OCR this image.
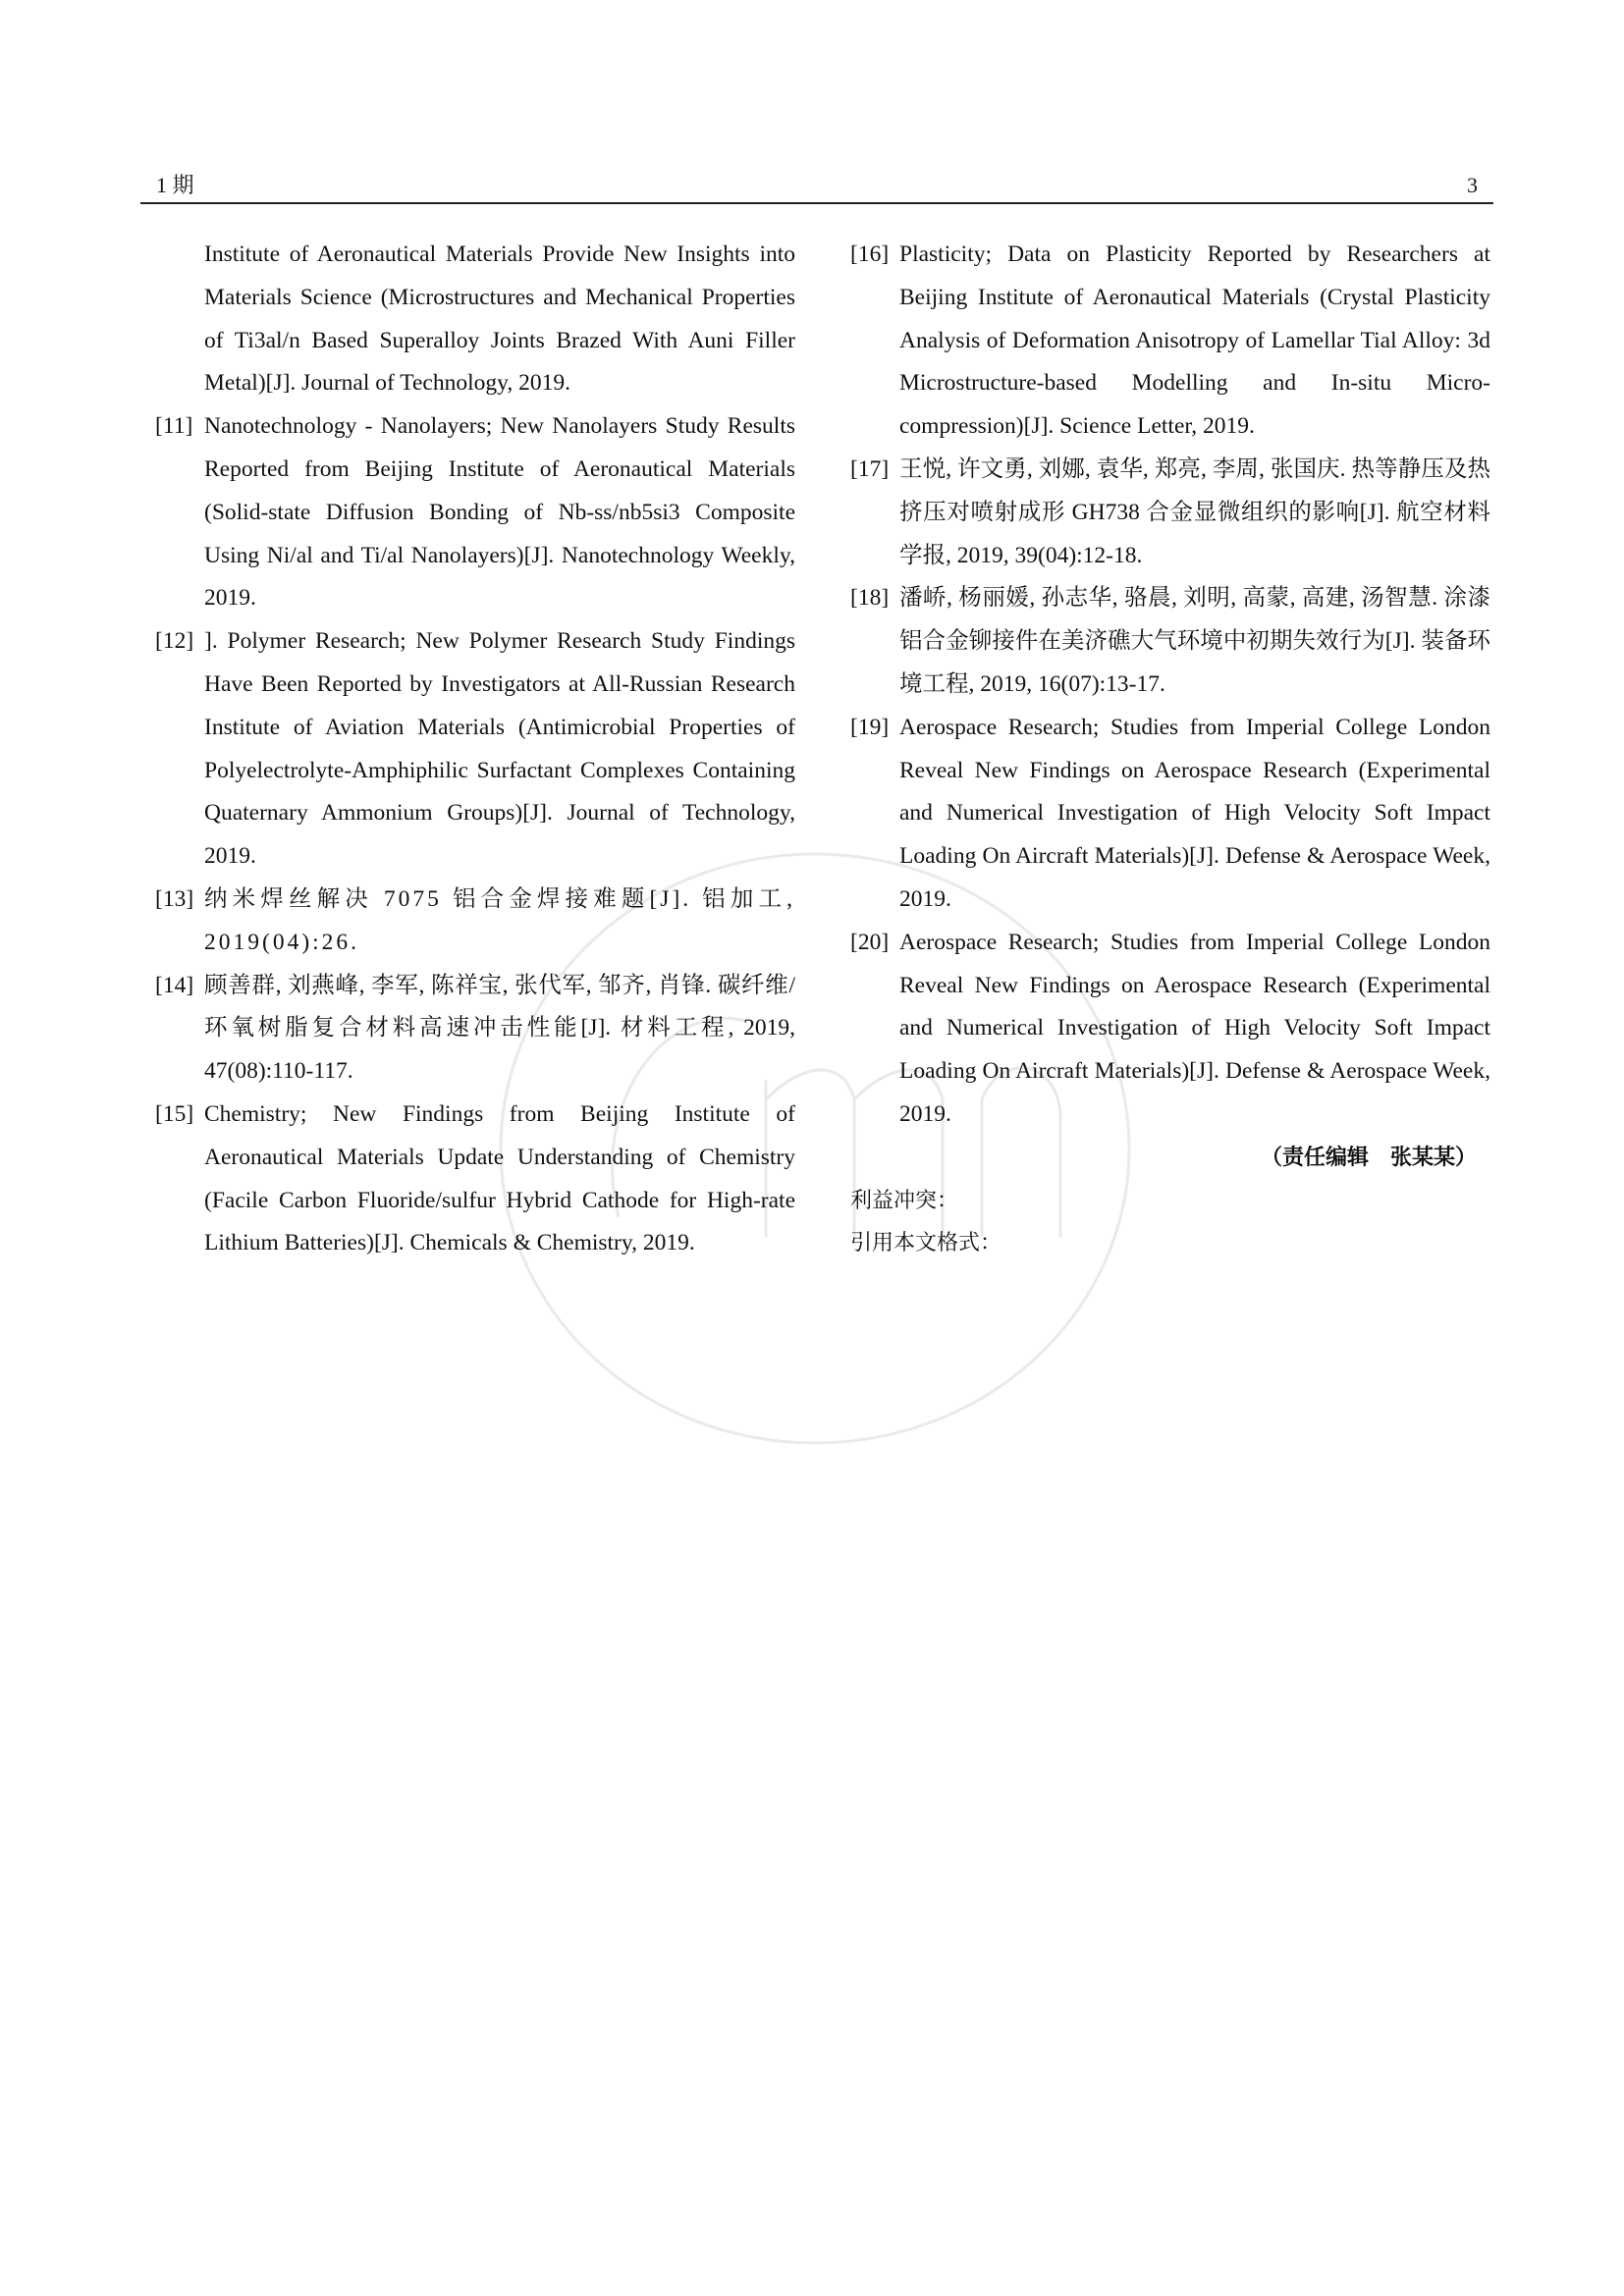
1 期	3

Institute of Aeronautical Materials Provide New Insights into Materials Science (Microstructures and Mechanical Properties of Ti3al/n Based Superalloy Joints Brazed With Auni Filler Metal)[J]. Journal of Technology, 2019.

[11] Nanotechnology - Nanolayers; New Nanolayers Study Results Reported from Beijing Institute of Aeronautical Materials (Solid-state Diffusion Bonding of Nb-ss/nb5si3 Composite Using Ni/al and Ti/al Nanolayers)[J]. Nanotechnology Weekly, 2019.

[12] ]. Polymer Research; New Polymer Research Study Findings Have Been Reported by Investigators at All-Russian Research Institute of Aviation Materials (Antimicrobial Properties of Polyelectrolyte-Amphiphilic Surfactant Complexes Containing Quaternary Ammonium Groups)[J]. Journal of Technology, 2019.

[13] 纳米焊丝解决 7075 铝合金焊接难题[J]. 铝加工, 2019(04):26.

[14] 顾善群, 刘燕峰, 李军, 陈祥宝, 张代军, 邹齐, 肖锋. 碳纤维/环氧树脂复合材料高速冲击性能[J]. 材料工程, 2019, 47(08):110-117.

[15] Chemistry; New Findings from Beijing Institute of Aeronautical Materials Update Understanding of Chemistry (Facile Carbon Fluoride/sulfur Hybrid Cathode for High-rate Lithium Batteries)[J]. Chemicals & Chemistry, 2019.

[16] Plasticity; Data on Plasticity Reported by Researchers at Beijing Institute of Aeronautical Materials (Crystal Plasticity Analysis of Deformation Anisotropy of Lamellar Tial Alloy: 3d Microstructure-based Modelling and In-situ Micro-compression)[J]. Science Letter, 2019.

[17] 王悦, 许文勇, 刘娜, 袁华, 郑亮, 李周, 张国庆. 热等静压及热挤压对喷射成形 GH738 合金显微组织的影响[J]. 航空材料学报, 2019, 39(04):12-18.

[18] 潘峤, 杨丽媛, 孙志华, 骆晨, 刘明, 高蒙, 高建, 汤智慧. 涂漆铝合金铆接件在美济礁大气环境中初期失效行为[J]. 装备环境工程, 2019, 16(07):13-17.

[19] Aerospace Research; Studies from Imperial College London Reveal New Findings on Aerospace Research (Experimental and Numerical Investigation of High Velocity Soft Impact Loading On Aircraft Materials)[J]. Defense & Aerospace Week, 2019.

[20] Aerospace Research; Studies from Imperial College London Reveal New Findings on Aerospace Research (Experimental and Numerical Investigation of High Velocity Soft Impact Loading On Aircraft Materials)[J]. Defense & Aerospace Week, 2019.

（责任编辑　张某某）
利益冲突：
引用本文格式：
